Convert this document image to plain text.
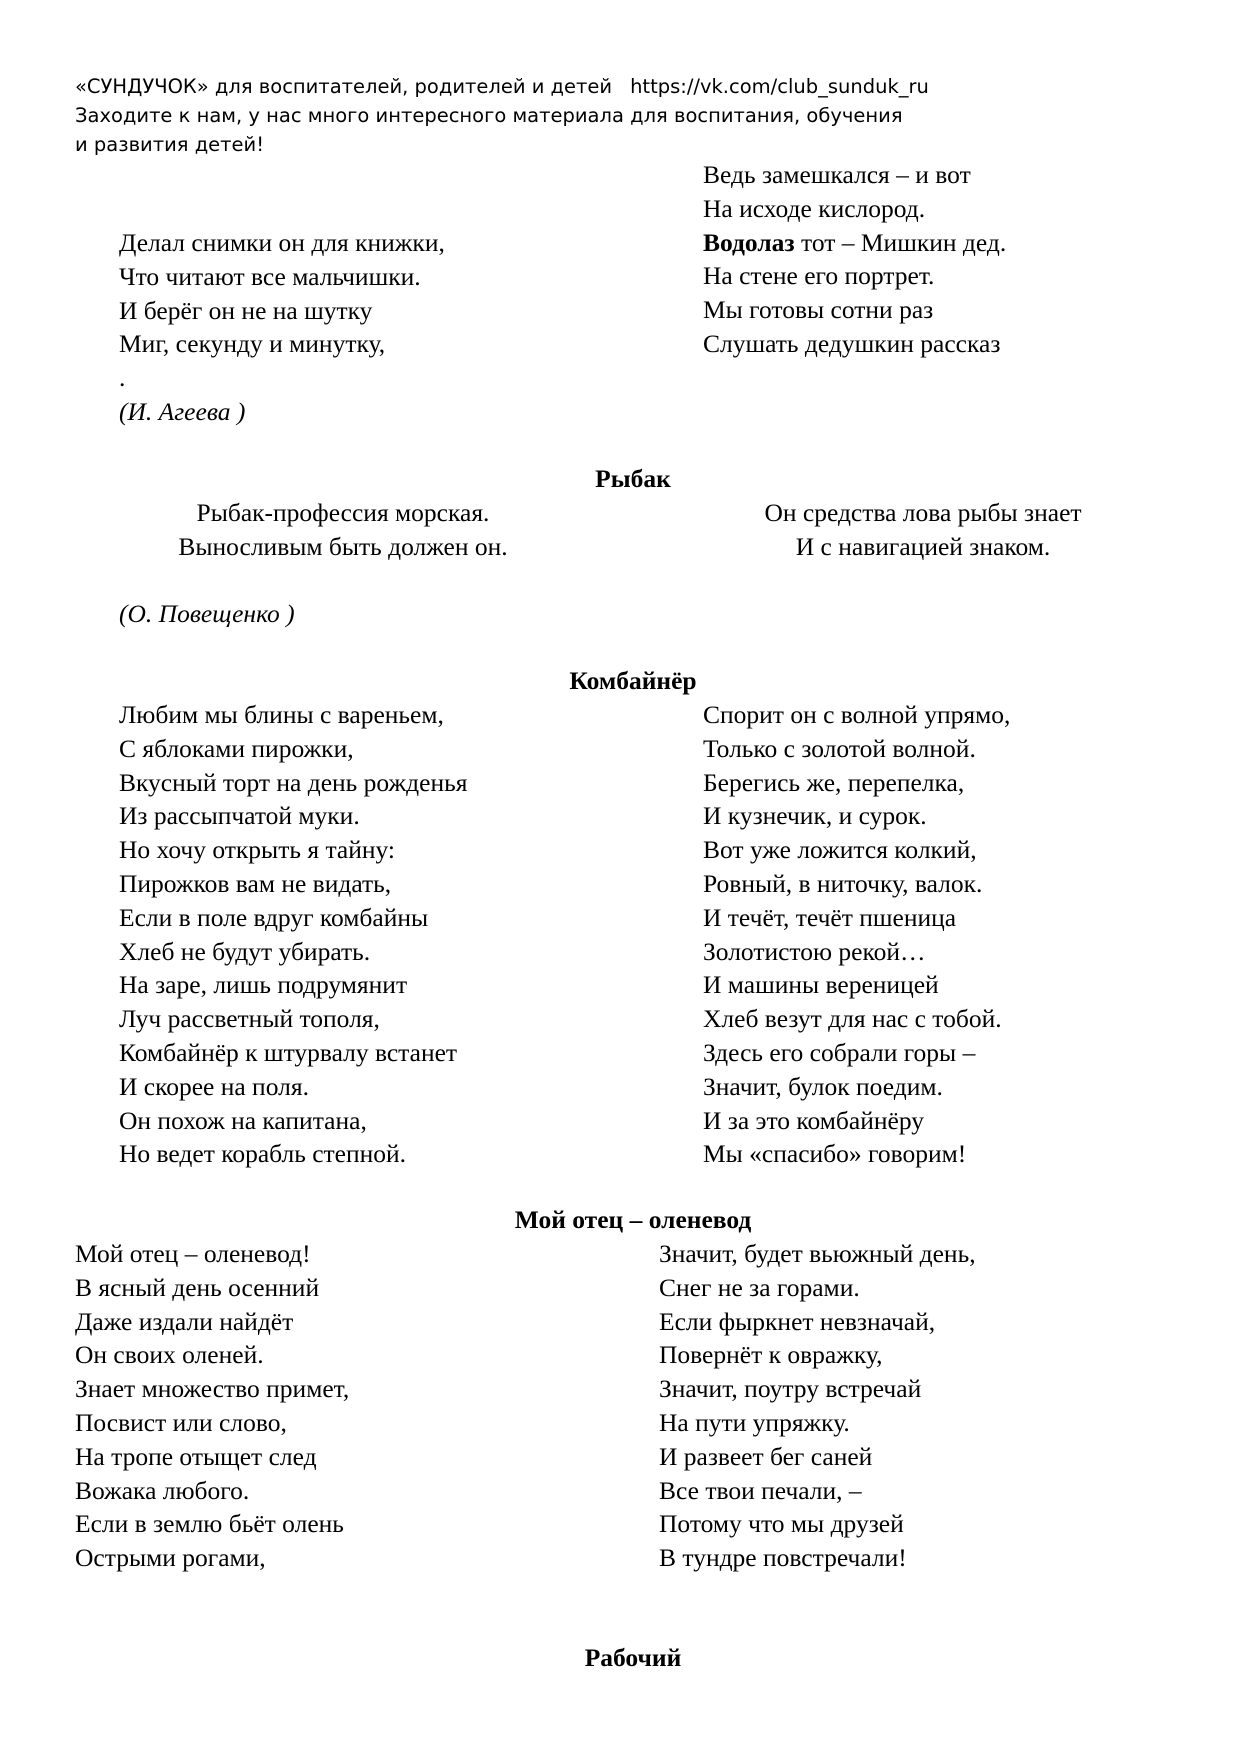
«СУНДУЧОК» для воспитателей, родителей и детей https://vk.com/club_sunduk_ru
Заходите к нам, у нас много интересного материала для воспитания, обучения
и развития детей!
Делал снимки он для книжки,
Что читают все мальчишки.
И берёг он не на шутку
Миг, секунду и минутку,
.
(И. Агеева )
Ведь замешкался – и вот
На исходе кислород.
Водолаз тот – Мишкин дед.
На стене его портрет.
Мы готовы сотни раз
Слушать дедушкин рассказ
Рыбак
Рыбак-профессия морская.
Выносливым быть должен он.
Он средства лова рыбы знает
И с навигацией знаком.
(О. Повещенко )
Комбайнёр
Любим мы блины с вареньем,
С яблоками пирожки,
Вкусный торт на день рожденья
Из рассыпчатой муки.
Но хочу открыть я тайну:
Пирожков вам не видать,
Если в поле вдруг комбайны
Хлеб не будут убирать.
На заре, лишь подрумянит
Луч рассветный тополя,
Комбайнёр к штурвалу встанет
И скорее на поля.
Он похож на капитана,
Но ведет корабль степной.
Спорит он с волной упрямо,
Только с золотой волной.
Берегись же, перепелка,
И кузнечик, и сурок.
Вот уже ложится колкий,
Ровный, в ниточку, валок.
И течёт, течёт пшеница
Золотистою рекой…
И машины вереницей
Хлеб везут для нас с тобой.
Здесь его собрали горы –
Значит, булок поедим.
И за это комбайнёру
Мы «спасибо» говорим!
Мой отец – оленевод
Мой отец – оленевод!
В ясный день осенний
Даже издали найдёт
Он своих оленей.
Знает множество примет,
Посвист или слово,
На тропе отыщет след
Вожака любого.
Если в землю бьёт олень
Острыми рогами,
Значит, будет вьюжный день,
Снег не за горами.
Если фыркнет невзначай,
Повернёт к овражку,
Значит, поутру встречай
На пути упряжку.
И развеет бег саней
Все твои печали, –
Потому что мы друзей
В тундре повстречали!
Рабочий
